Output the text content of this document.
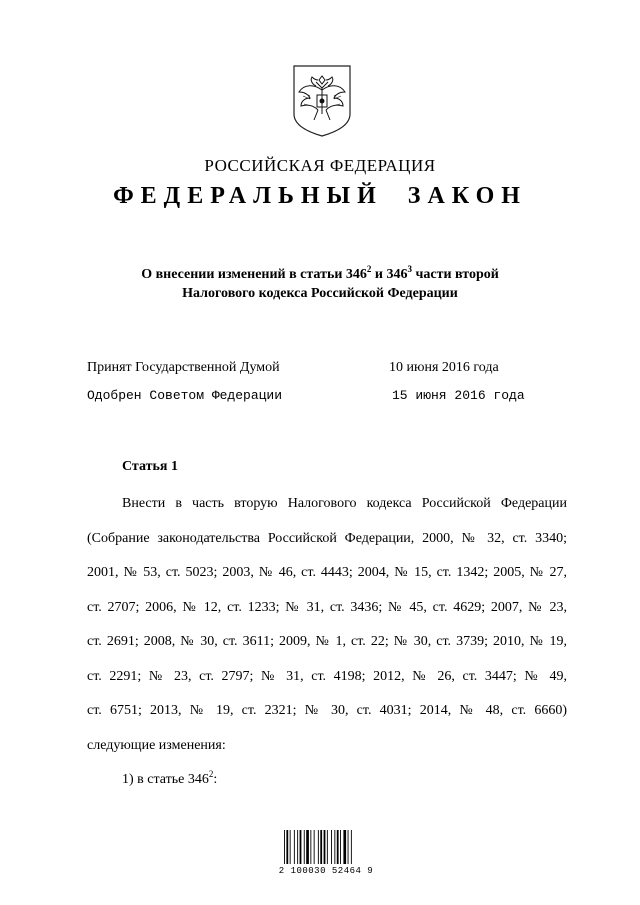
РОССИЙСКАЯ ФЕДЕРАЦИЯ
ФЕДЕРАЛЬНЫЙ ЗАКОН
О внесении изменений в статьи $346^2$ и $346^3$ части второй
Налогового кодекса Российской Федерации
Принят Государственной Думой	10 июня 2016 года
Одобрен Советом Федерации	15 июня 2016 года
Статья 1
Внести в часть вторую Налогового кодекса Российской Федерации
(Собрание законодательства Российской Федерации, 2000, № 32, ст. 3340;
2001, № 53, ст. 5023; 2003, № 46, ст. 4443; 2004, № 15, ст. 1342; 2005, № 27,
ст. 2707; 2006, № 12, ст. 1233; № 31, ст. 3436; № 45, ст. 4629; 2007, № 23,
ст. 2691; 2008, № 30, ст. 3611; 2009, № 1, ст. 22; № 30, ст. 3739; 2010, № 19,
ст. 2291; № 23, ст. 2797; № 31, ст. 4198; 2012, № 26, ст. 3447; № 49,
ст. 6751; 2013, № 19, ст. 2321; № 30, ст. 4031; 2014, № 48, ст. 6660)
следующие изменения:
1) в статье $346^2$:
2 100030 52464 9
